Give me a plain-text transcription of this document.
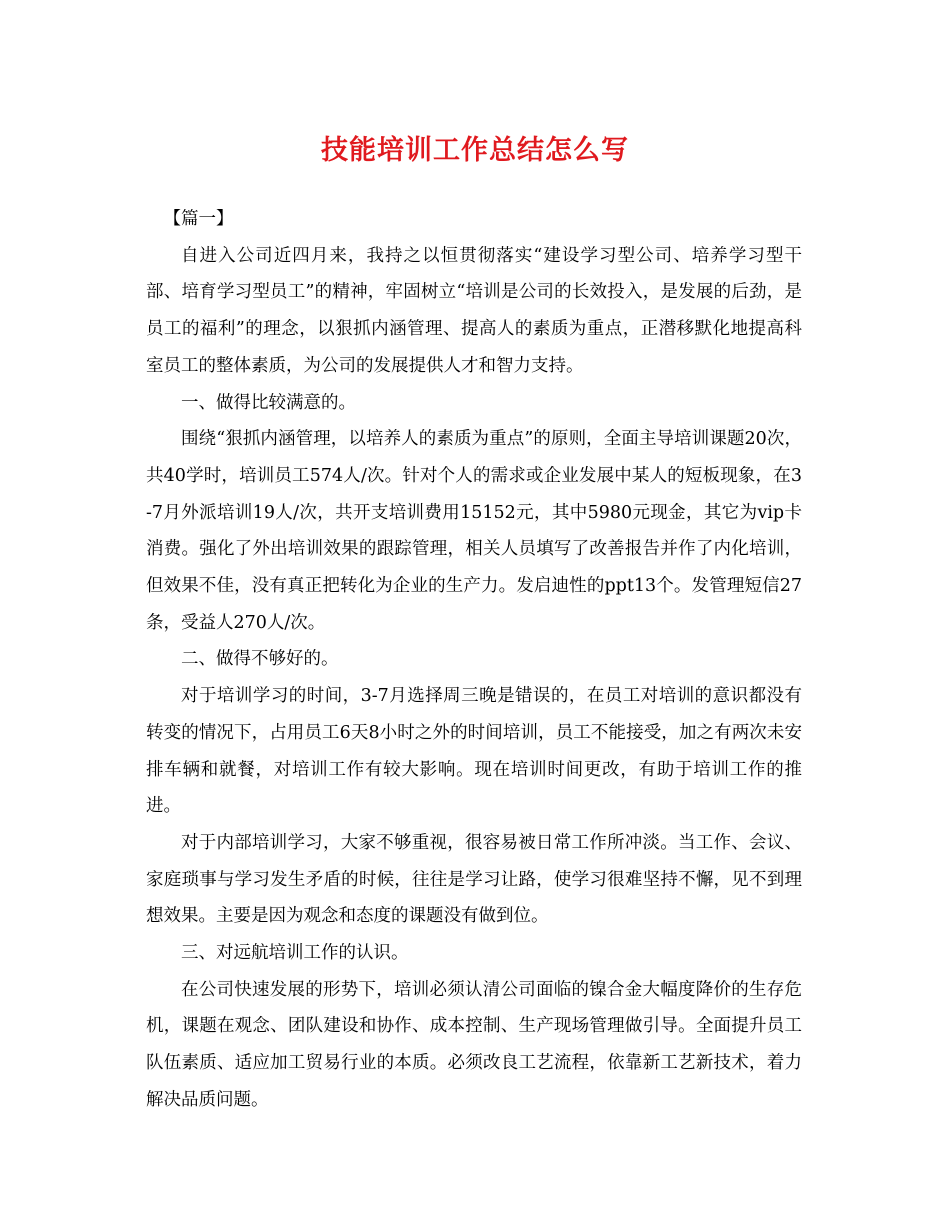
技能培训工作总结怎么写

【篇一】

自进入公司近四月来，我持之以恒贯彻落实“建设学习型公司、培养学习型干部、培育学习型员工”的精神，牢固树立“培训是公司的长效投入，是发展的后劲，是员工的福利”的理念，以狠抓内涵管理、提高人的素质为重点，正潜移默化地提高科室员工的整体素质，为公司的发展提供人才和智力支持。

一、做得比较满意的。

围绕“狠抓内涵管理，以培养人的素质为重点”的原则，全面主导培训课题20次，共40学时，培训员工574人/次。针对个人的需求或企业发展中某人的短板现象，在3-7月外派培训19人/次，共开支培训费用15152元，其中5980元现金，其它为vip卡消费。强化了外出培训效果的跟踪管理，相关人员填写了改善报告并作了内化培训，但效果不佳，没有真正把转化为企业的生产力。发启迪性的ppt13个。发管理短信27条，受益人270人/次。

二、做得不够好的。

对于培训学习的时间，3-7月选择周三晚是错误的，在员工对培训的意识都没有转变的情况下，占用员工6天8小时之外的时间培训，员工不能接受，加之有两次未安排车辆和就餐，对培训工作有较大影响。现在培训时间更改，有助于培训工作的推进。

对于内部培训学习，大家不够重视，很容易被日常工作所冲淡。当工作、会议、家庭琐事与学习发生矛盾的时候，往往是学习让路，使学习很难坚持不懈，见不到理想效果。主要是因为观念和态度的课题没有做到位。

三、对远航培训工作的认识。

在公司快速发展的形势下，培训必须认清公司面临的镍合金大幅度降价的生存危机，课题在观念、团队建设和协作、成本控制、生产现场管理做引导。全面提升员工队伍素质、适应加工贸易行业的本质。必须改良工艺流程，依靠新工艺新技术，着力解决品质问题。
